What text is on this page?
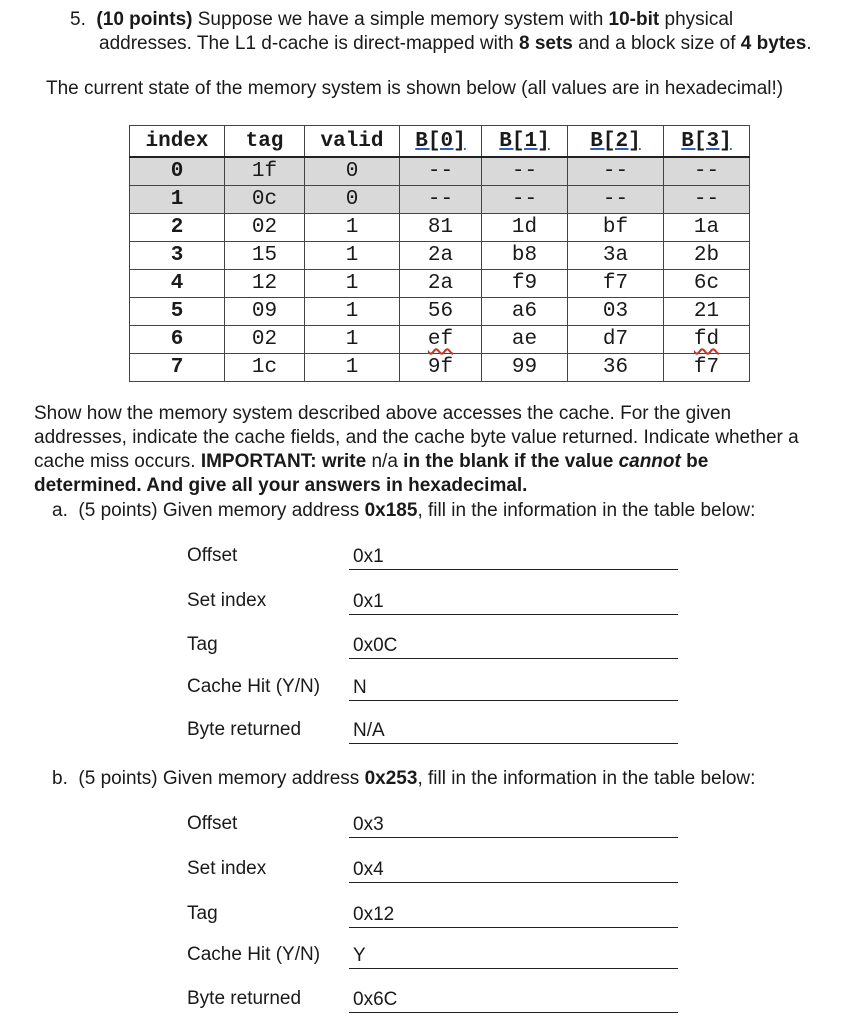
5. (10 points) Suppose we have a simple memory system with 10-bit physical
addresses. The L1 d-cache is direct-mapped with 8 sets and a block size of 4 bytes.
The current state of the memory system is shown below (all values are in hexadecimal!)
index	tag	valid	B[0]	B[1]	B[2]	B[3]
0	1f	0	--	--	--	--
1	0c	0	--	--	--	--
2	02	1	81	1d	bf	1a
3	15	1	2a	b8	3a	2b
4	12	1	2a	f9	f7	6c
5	09	1	56	a6	03	21
6	02	1	ef	ae	d7	fd
7	1c	1	9f	99	36	f7
Show how the memory system described above accesses the cache. For the given
addresses, indicate the cache fields, and the cache byte value returned. Indicate whether a
cache miss occurs. IMPORTANT: write n/a in the blank if the value cannot be
determined. And give all your answers in hexadecimal.
a. (5 points) Given memory address 0x185, fill in the information in the table below:
Offset	0x1
Set index	0x1
Tag	0x0C
Cache Hit (Y/N) N
Byte returned	N/A
b. (5 points) Given memory address 0x253, fill in the information in the table below:
Offset	0x3
Set index	0x4
Tag	0x12
Cache Hit (Y/N) Y
Byte returned	0x6C
